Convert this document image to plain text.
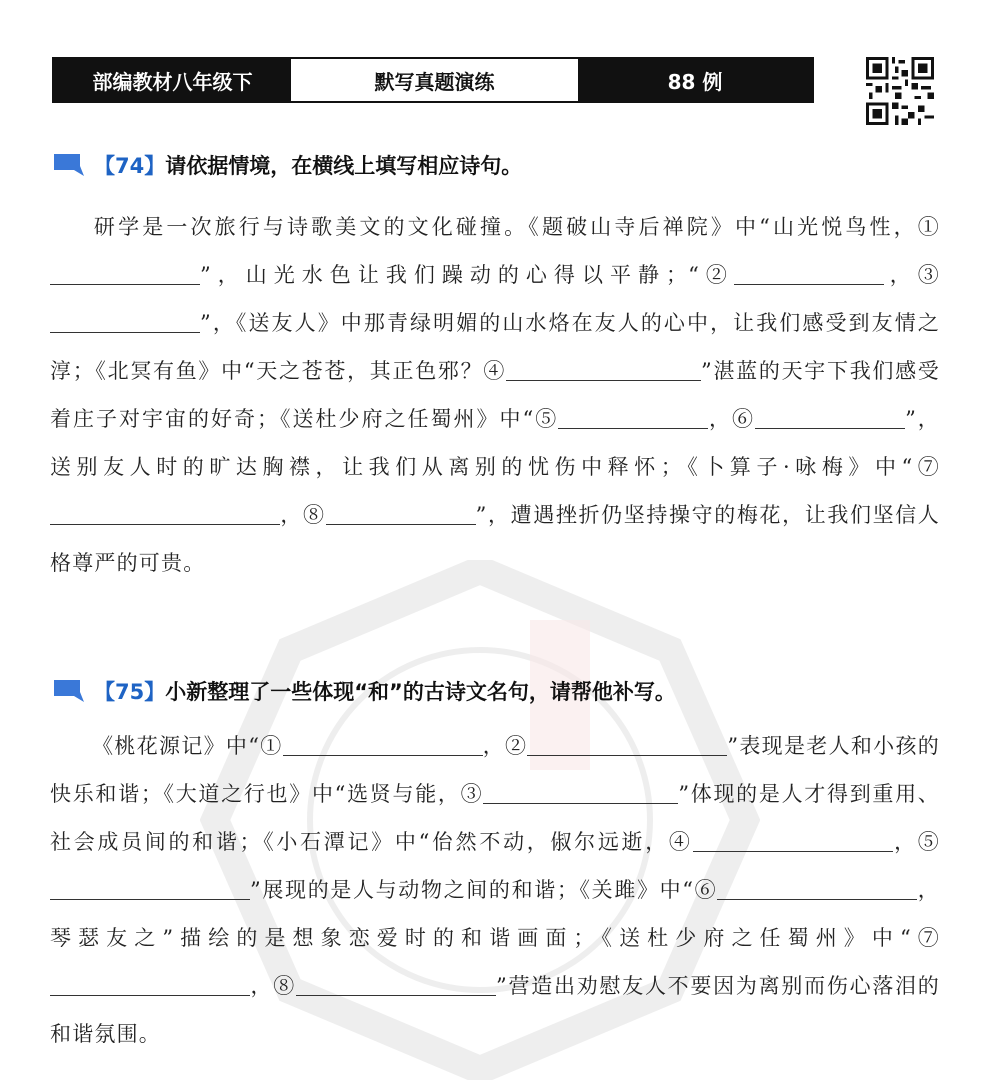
部编教材八年级下	默写真题演练	88 例
【74】 请依据情境，在横线上填写相应诗句。

研学是一次旅行与诗歌美文的文化碰撞。《题破山寺后禅院》中“山光悦鸟性，①”，山光水色让我们躁动的心得以平静；“②	，③”，《送友人》中那青绿明媚的山水烙在友人的心中，让我们感受到友情之淳；《北冥有鱼》中“天之苍苍，其正色邪？④	”湛蓝的天宇下我们感受着庄子对宇宙的好奇；《送杜少府之任蜀州》中“⑤	，⑥	”，送别友人时的旷达胸襟，让我们从离别的忧伤中释怀；《卜算子·咏梅》中“⑦，⑧	”，遭遇挫折仍坚持操守的梅花，让我们坚信人格尊严的可贵。

【75】 小新整理了一些体现“和”的古诗文名句，请帮他补写。

《桃花源记》中“①	，②	”表现是老人和小孩的快乐和谐；《大道之行也》中“选贤与能，③	”体现的是人才得到重用、社会成员间的和谐；《小石潭记》中“佁然不动，俶尔远逝，④	，⑤”展现的是人与动物之间的和谐；《关雎》中“⑥	，琴瑟友之”描绘的是想象恋爱时的和谐画面；《送杜少府之任蜀州》中“⑦，⑧	”营造出劝慰友人不要因为离别而伤心落泪的和谐氛围。
